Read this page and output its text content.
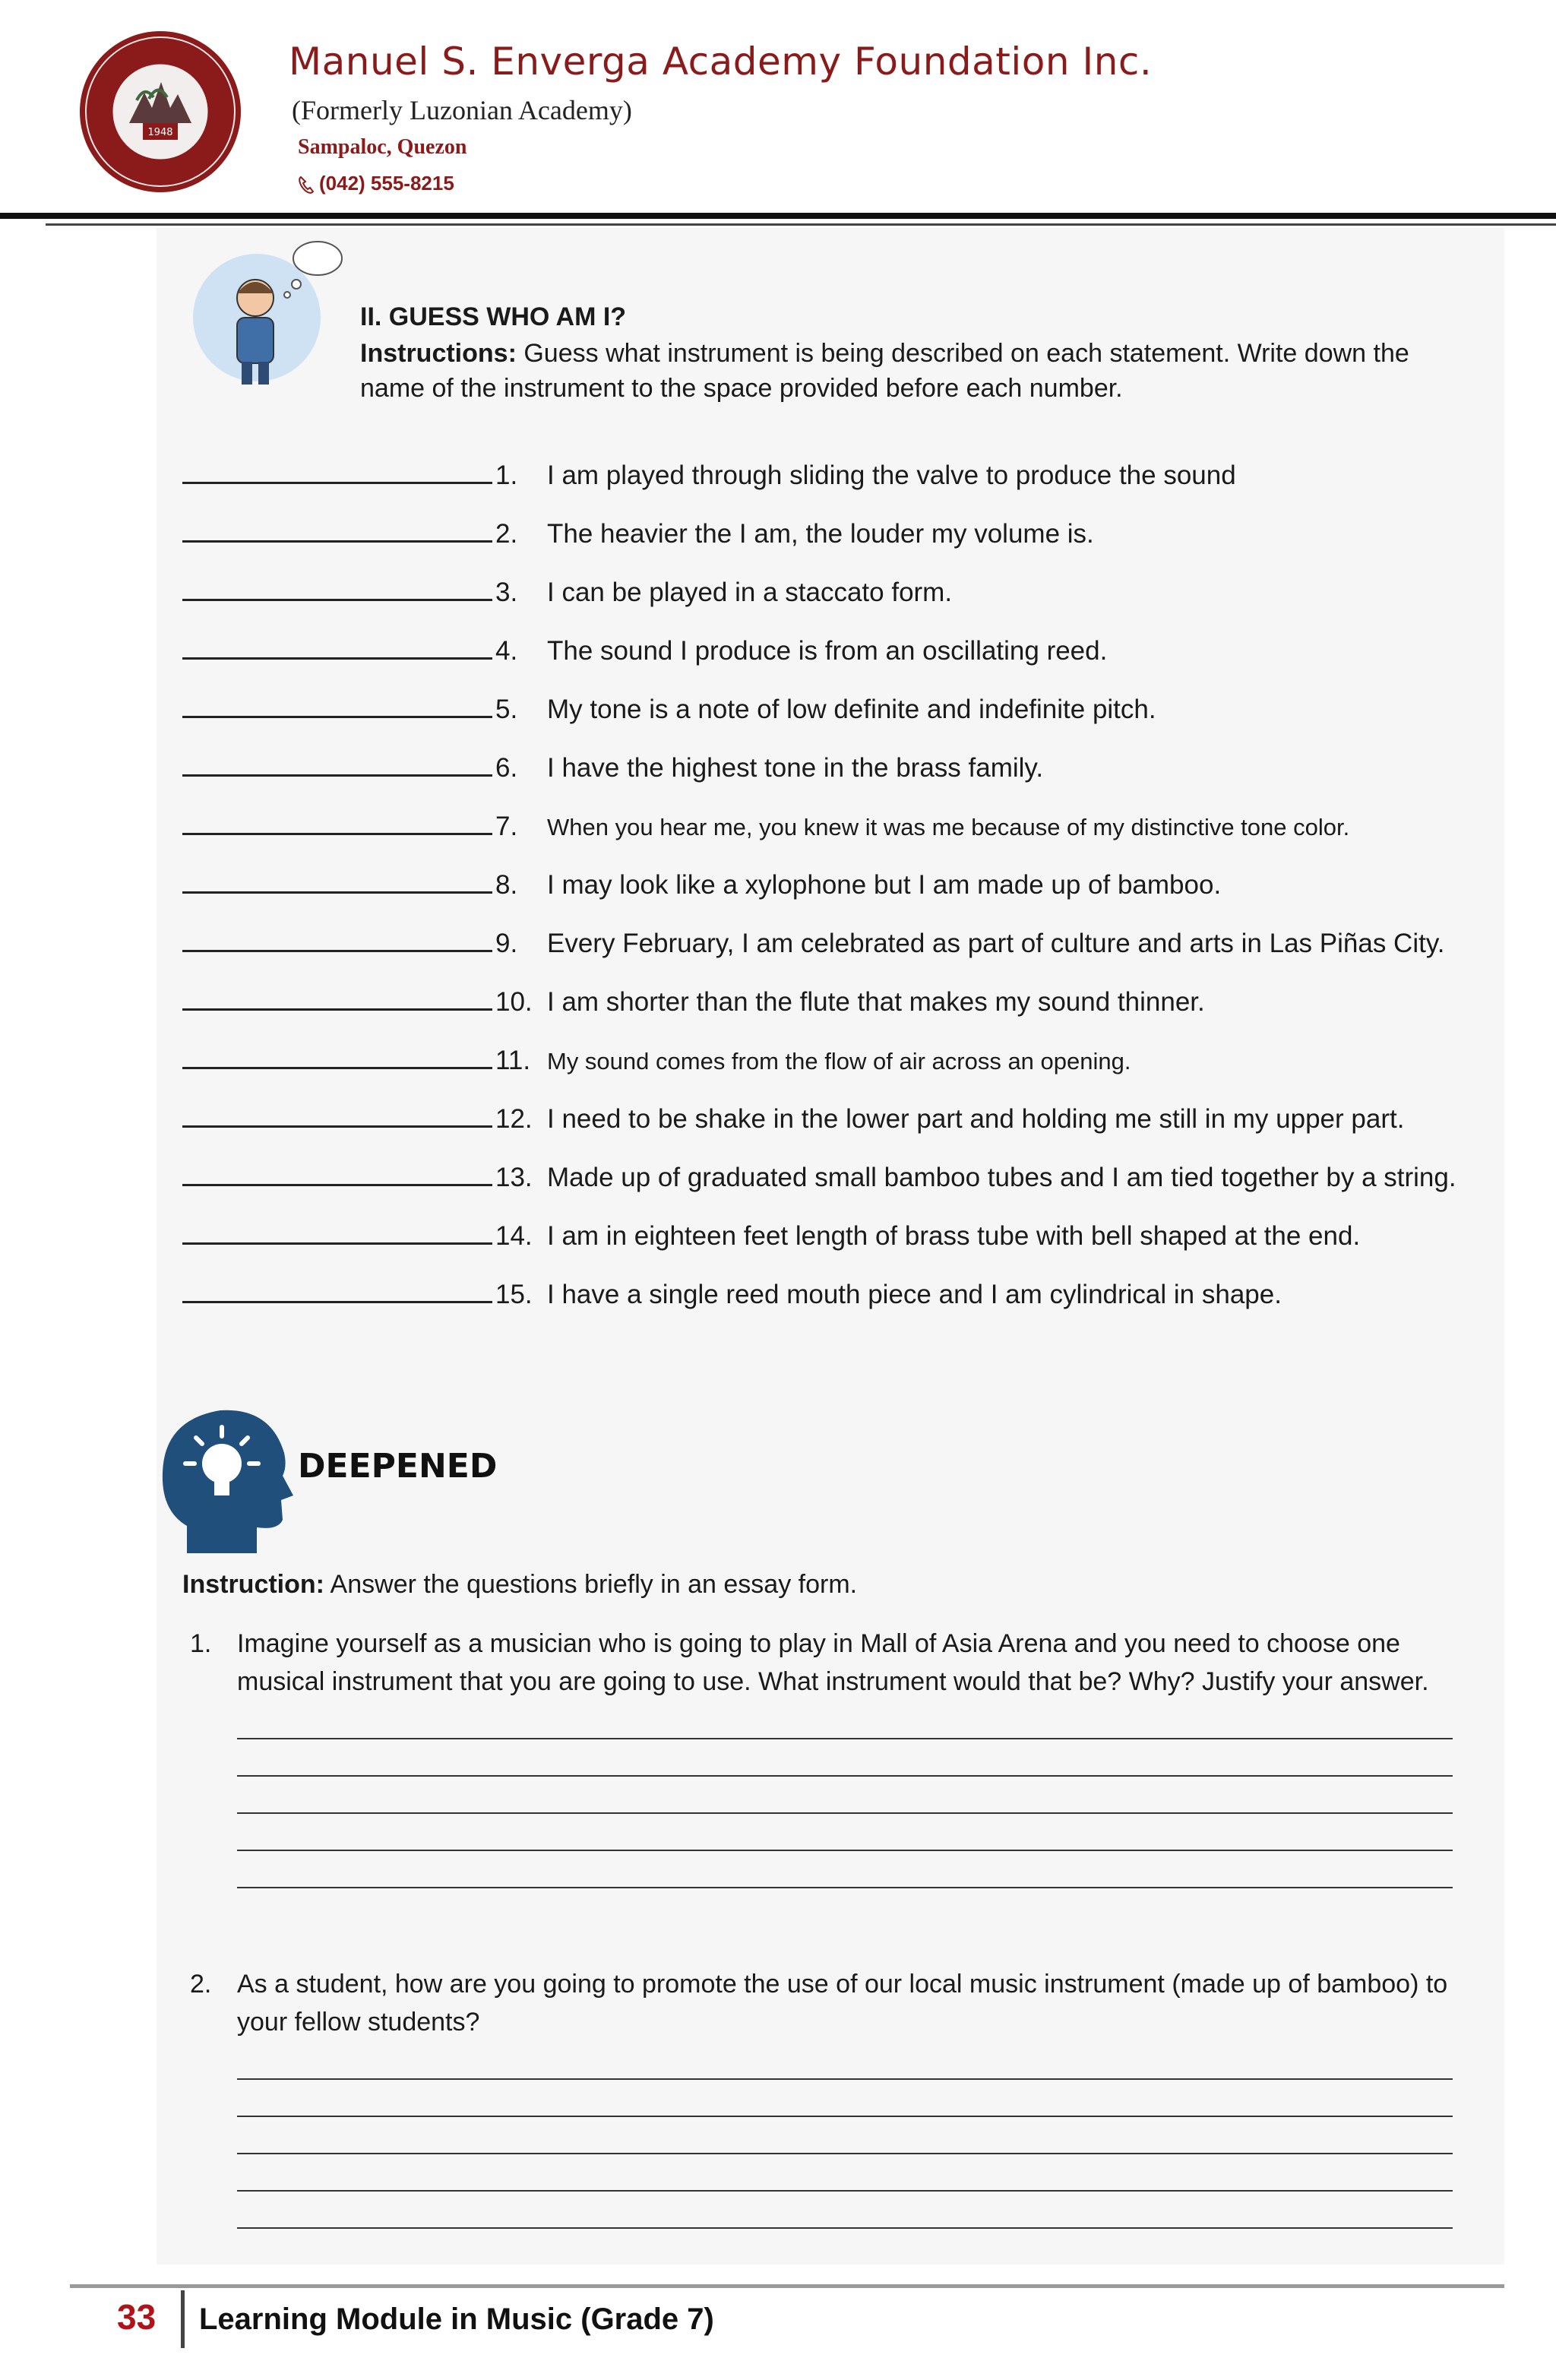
1948
Manuel S. Enverga Academy Foundation Inc.
(Formerly Luzonian Academy)
Sampaloc, Quezon
(042) 555-8215
II. GUESS WHO AM I?
Instructions: Guess what instrument is being described on each statement. Write down the name of the instrument to the space provided before each number.
1.	I am played through sliding the valve to produce the sound
2.	The heavier the I am, the louder my volume is.
3.	I can be played in a staccato form.
4.	The sound I produce is from an oscillating reed.
5.	My tone is a note of low definite and indefinite pitch.
6.	I have the highest tone in the brass family.
7.	When you hear me, you knew it was me because of my distinctive tone color.
8.	I may look like a xylophone but I am made up of bamboo.
9.	Every February, I am celebrated as part of culture and arts in Las Piñas City.
10. I am shorter than the flute that makes my sound thinner.
11. My sound comes from the flow of air across an opening.
12. I need to be shake in the lower part and holding me still in my upper part.
13. Made up of graduated small bamboo tubes and I am tied together by a string.
14. I am in eighteen feet length of brass tube with bell shaped at the end.
15. I have a single reed mouth piece and I am cylindrical in shape.
DEEPENED
Instruction: Answer the questions briefly in an essay form.
1. Imagine yourself as a musician who is going to play in Mall of Asia Arena and you need to choose one musical instrument that you are going to use. What instrument would that be? Why? Justify your answer.
2. As a student, how are you going to promote the use of our local music instrument (made up of bamboo) to your fellow students?
33 Learning Module in Music (Grade 7)
